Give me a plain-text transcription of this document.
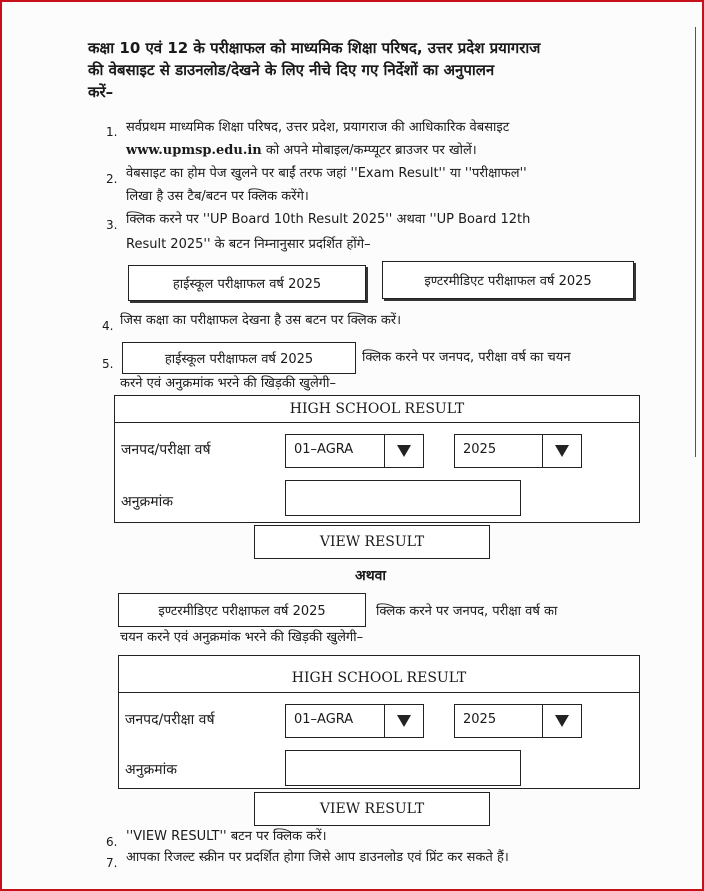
कक्षा 10 एवं 12 के परीक्षाफल को माध्यमिक शिक्षा परिषद, उत्तर प्रदेश प्रयागराज
की वेबसाइट से डाउनलोड/देखने के लिए नीचे दिए गए निर्देशों का अनुपालन
करें–
1. सर्वप्रथम माध्यमिक शिक्षा परिषद, उत्तर प्रदेश, प्रयागराज की आधिकारिक वेबसाइट
www.upmsp.edu.in को अपने मोबाइल/कम्प्यूटर ब्राउजर पर खोलें।
2. वेबसाइट का होम पेज खुलने पर बाईं तरफ जहां ''Exam Result'' या ''परीक्षाफल''
लिखा है उस टैब/बटन पर क्लिक करेंगे।
3. क्लिक करने पर ''UP Board 10th Result 2025'' अथवा ''UP Board 12th
Result 2025'' के बटन निम्नानुसार प्रदर्शित होंगे–
हाईस्कूल परीक्षाफल वर्ष 2025	इण्टरमीडिएट परीक्षाफल वर्ष 2025
4. जिस कक्षा का परीक्षाफल देखना है उस बटन पर क्लिक करें।
5.	हाईस्कूल परीक्षाफल वर्ष 2025	क्लिक करने पर जनपद, परीक्षा वर्ष का चयन
करने एवं अनुक्रमांक भरने की खिड़की खुलेगी–
HIGH SCHOOL RESULT
जनपद/परीक्षा वर्ष	01–AGRA	2025
अनुक्रमांक
VIEW RESULT
अथवा
इण्टरमीडिएट परीक्षाफल वर्ष 2025	क्लिक करने पर जनपद, परीक्षा वर्ष का
चयन करने एवं अनुक्रमांक भरने की खिड़की खुलेगी–
HIGH SCHOOL RESULT
जनपद/परीक्षा वर्ष	01–AGRA	2025
अनुक्रमांक
VIEW RESULT
6. ''VIEW RESULT'' बटन पर क्लिक करें।
7. आपका रिजल्ट स्क्रीन पर प्रदर्शित होगा जिसे आप डाउनलोड एवं प्रिंट कर सकते हैं।
